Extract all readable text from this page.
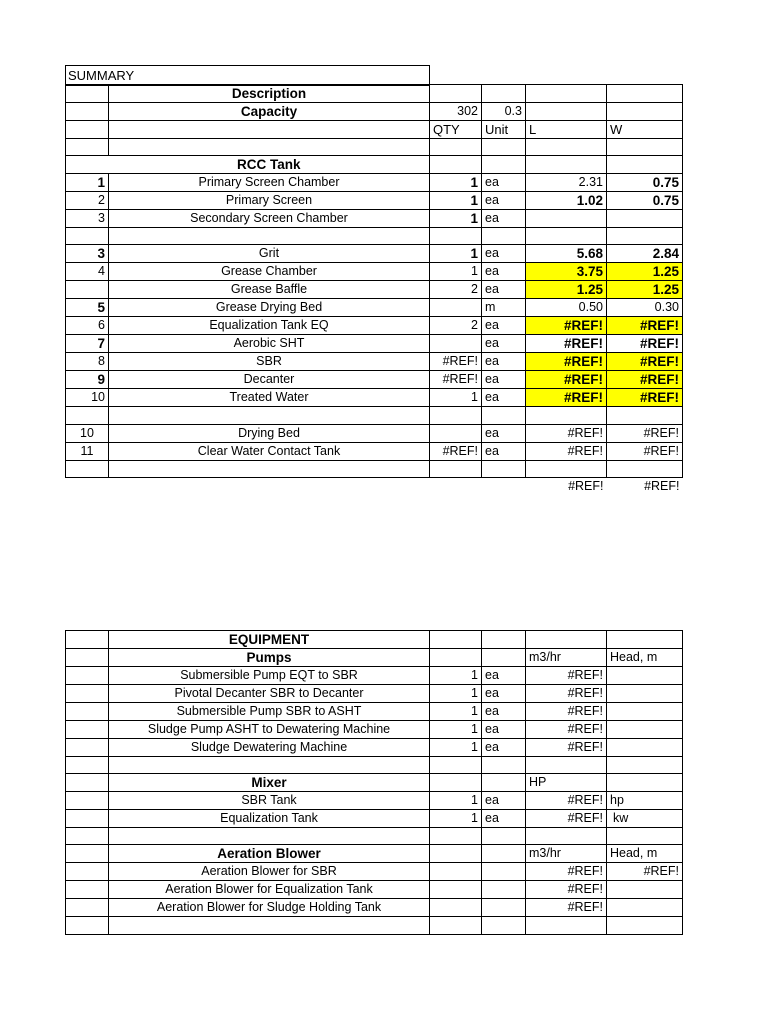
SUMMARY
	Description				
	Capacity	302	0.3		
		QTY	Unit	L	W

	RCC Tank				
1	Primary Screen Chamber	1	ea	2.31	0.75
2	Primary Screen	1	ea	1.02	0.75
3	Secondary Screen Chamber	1	ea		

3	Grit	1	ea	5.68	2.84
4	Grease Chamber	1	ea	3.75	1.25
	Grease Baffle	2	ea	1.25	1.25
5	Grease Drying Bed		m	0.50	0.30
6	Equalization Tank EQ	2	ea	#REF!	#REF!
7	Aerobic SHT		ea	#REF!	#REF!
8	SBR	#REF!	ea	#REF!	#REF!
9	Decanter	#REF!	ea	#REF!	#REF!
10	Treated Water	1	ea	#REF!	#REF!

10	Drying Bed		ea	#REF!	#REF!
11	Clear Water Contact Tank	#REF!	ea	#REF!	#REF!

				#REF!	#REF!
	EQUIPMENT				
	Pumps			m3/hr	Head, m
	Submersible Pump EQT to SBR	1	ea	#REF!	
	Pivotal Decanter SBR to Decanter	1	ea	#REF!	
	Submersible Pump SBR to ASHT	1	ea	#REF!	
	Sludge Pump ASHT to Dewatering Machine	1	ea	#REF!	
	Sludge Dewatering Machine	1	ea	#REF!	

	Mixer			HP	
	SBR Tank	1	ea	#REF!	hp
	Equalization Tank	1	ea	#REF!	kw

	Aeration Blower			m3/hr	Head, m
	Aeration Blower for SBR			#REF!	#REF!
	Aeration Blower for Equalization Tank			#REF!	
	Aeration Blower for Sludge Holding Tank			#REF!	
